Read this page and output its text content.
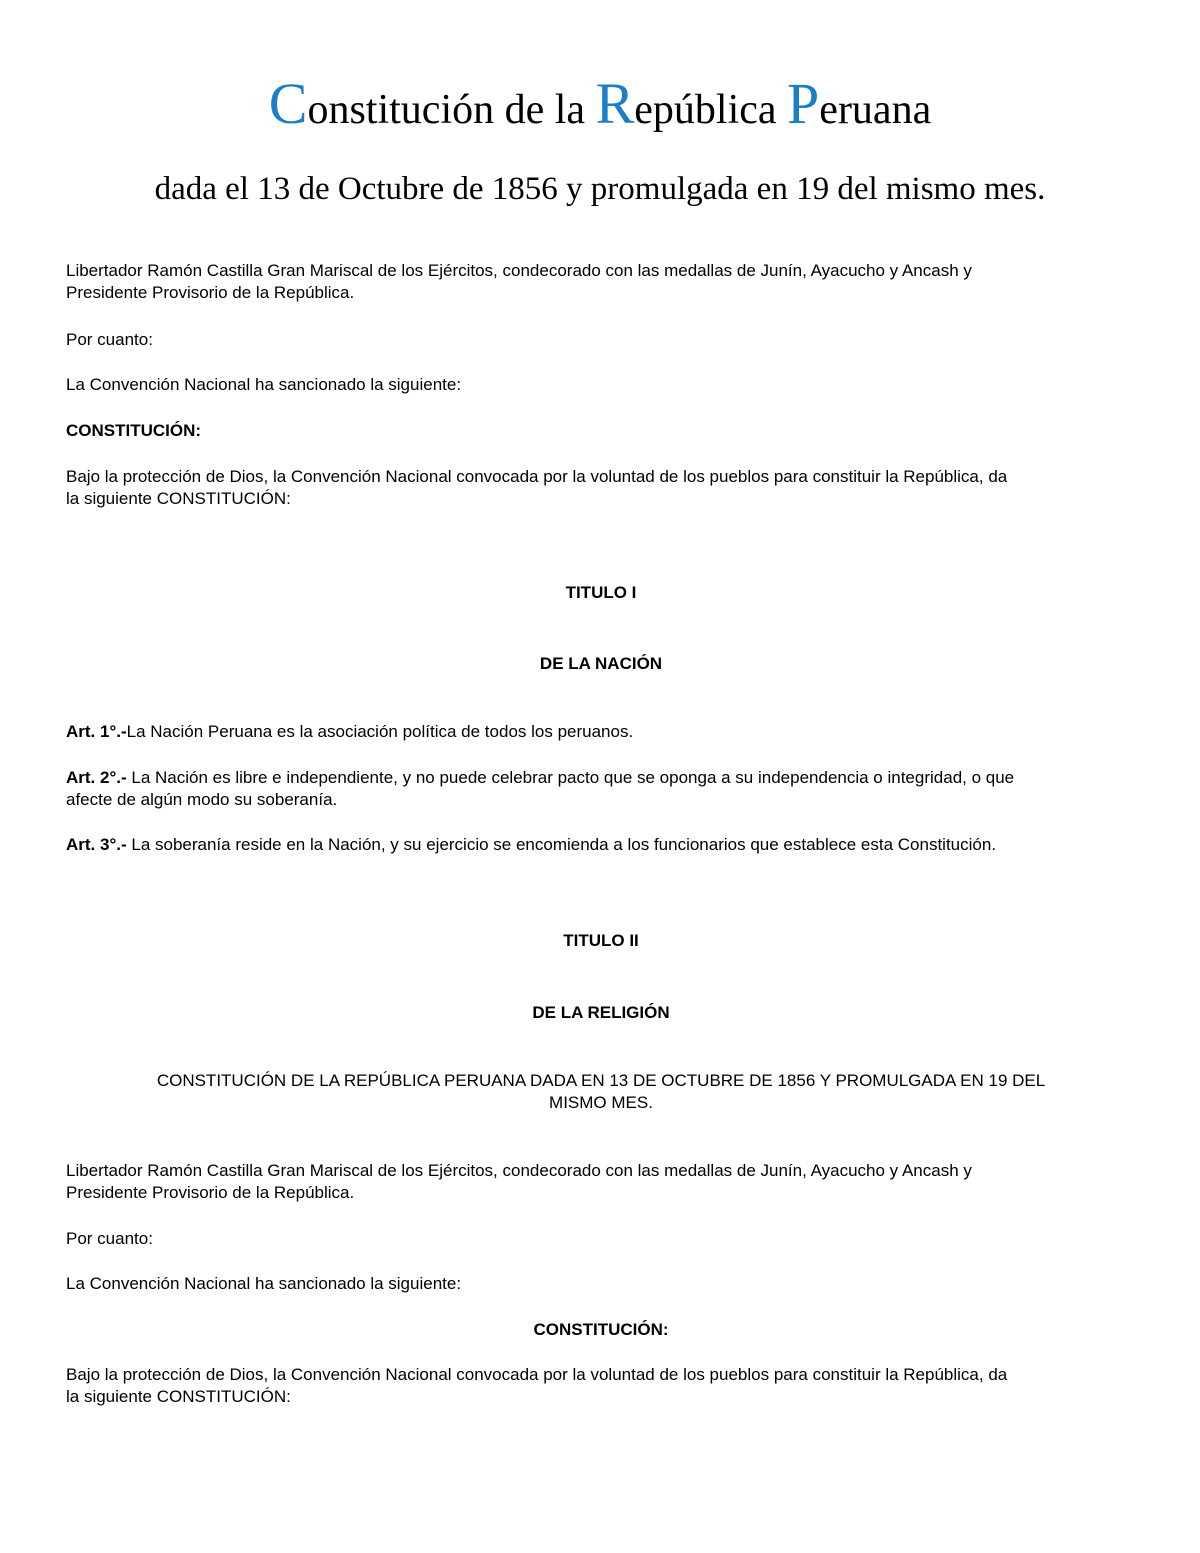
Constitución de la República Peruana
dada el 13 de Octubre de 1856 y promulgada en 19 del mismo mes.
Libertador Ramón Castilla Gran Mariscal de los Ejércitos, condecorado con las medallas de Junín, Ayacucho y Ancash y
Presidente Provisorio de la República.
Por cuanto:
La Convención Nacional ha sancionado la siguiente:
CONSTITUCIÓN:
Bajo la protección de Dios, la Convención Nacional convocada por la voluntad de los pueblos para constituir la República, da
la siguiente CONSTITUCIÓN:
TITULO I
DE LA NACIÓN
Art. 1°.-La Nación Peruana es la asociación política de todos los peruanos.
Art. 2°.- La Nación es libre e independiente, y no puede celebrar pacto que se oponga a su independencia o integridad, o que
afecte de algún modo su soberanía.
Art. 3°.- La soberanía reside en la Nación, y su ejercicio se encomienda a los funcionarios que establece esta Constitución.
TITULO II
DE LA RELIGIÓN
CONSTITUCIÓN DE LA REPÚBLICA PERUANA DADA EN 13 DE OCTUBRE DE 1856 Y PROMULGADA EN 19 DEL
MISMO MES.
Libertador Ramón Castilla Gran Mariscal de los Ejércitos, condecorado con las medallas de Junín, Ayacucho y Ancash y
Presidente Provisorio de la República.
Por cuanto:
La Convención Nacional ha sancionado la siguiente:
CONSTITUCIÓN:
Bajo la protección de Dios, la Convención Nacional convocada por la voluntad de los pueblos para constituir la República, da
la siguiente CONSTITUCIÓN:
